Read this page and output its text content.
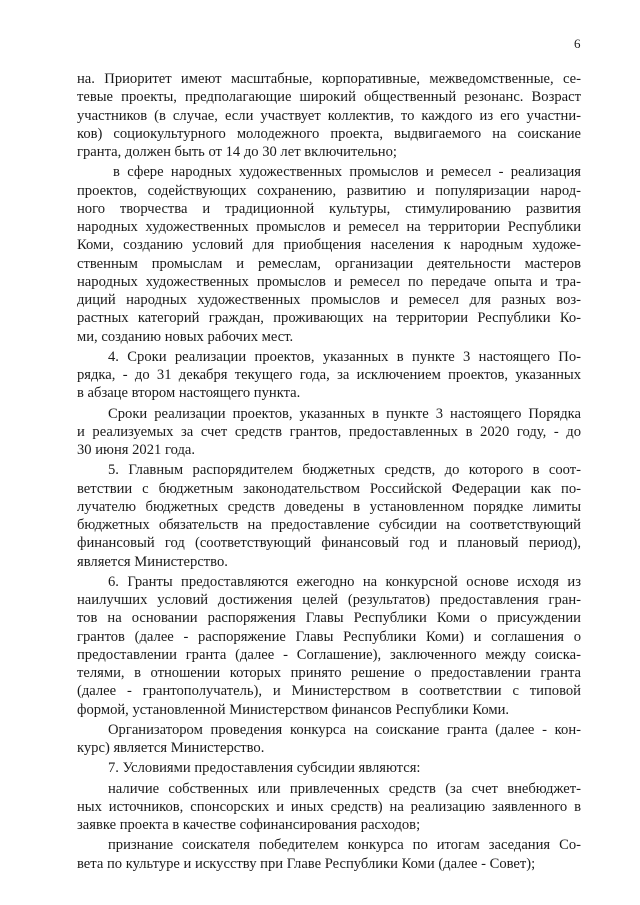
6
на. Приоритет имеют масштабные, корпоративные, межведомственные, се-
тевые проекты, предполагающие широкий общественный резонанс. Возраст
участников (в случае, если участвует коллектив, то каждого из его участни-
ков) социокультурного молодежного проекта, выдвигаемого на соискание
гранта, должен быть от 14 до 30 лет включительно;
в сфере народных художественных промыслов и ремесел - реализация
проектов, содействующих сохранению, развитию и популяризации народ-
ного творчества и традиционной культуры, стимулированию развития
народных художественных промыслов и ремесел на территории Республики
Коми, созданию условий для приобщения населения к народным художе-
ственным промыслам и ремеслам, организации деятельности мастеров
народных художественных промыслов и ремесел по передаче опыта и тра-
диций народных художественных промыслов и ремесел для разных воз-
растных категорий граждан, проживающих на территории Республики Ко-
ми, созданию новых рабочих мест.
4. Сроки реализации проектов, указанных в пункте 3 настоящего По-
рядка, - до 31 декабря текущего года, за исключением проектов, указанных
в абзаце втором настоящего пункта.
Сроки реализации проектов, указанных в пункте 3 настоящего Порядка
и реализуемых за счет средств грантов, предоставленных в 2020 году, - до
30 июня 2021 года.
5. Главным распорядителем бюджетных средств, до которого в соот-
ветствии с бюджетным законодательством Российской Федерации как по-
лучателю бюджетных средств доведены в установленном порядке лимиты
бюджетных обязательств на предоставление субсидии на соответствующий
финансовый год (соответствующий финансовый год и плановый период),
является Министерство.
6. Гранты предоставляются ежегодно на конкурсной основе исходя из
наилучших условий достижения целей (результатов) предоставления гран-
тов на основании распоряжения Главы Республики Коми о присуждении
грантов (далее - распоряжение Главы Республики Коми) и соглашения о
предоставлении гранта (далее - Соглашение), заключенного между соиска-
телями, в отношении которых принято решение о предоставлении гранта
(далее - грантополучатель), и Министерством в соответствии с типовой
формой, установленной Министерством финансов Республики Коми.
Организатором проведения конкурса на соискание гранта (далее - кон-
курс) является Министерство.
7. Условиями предоставления субсидии являются:
наличие собственных или привлеченных средств (за счет внебюджет-
ных источников, спонсорских и иных средств) на реализацию заявленного в
заявке проекта в качестве софинансирования расходов;
признание соискателя победителем конкурса по итогам заседания Со-
вета по культуре и искусству при Главе Республики Коми (далее - Совет);
